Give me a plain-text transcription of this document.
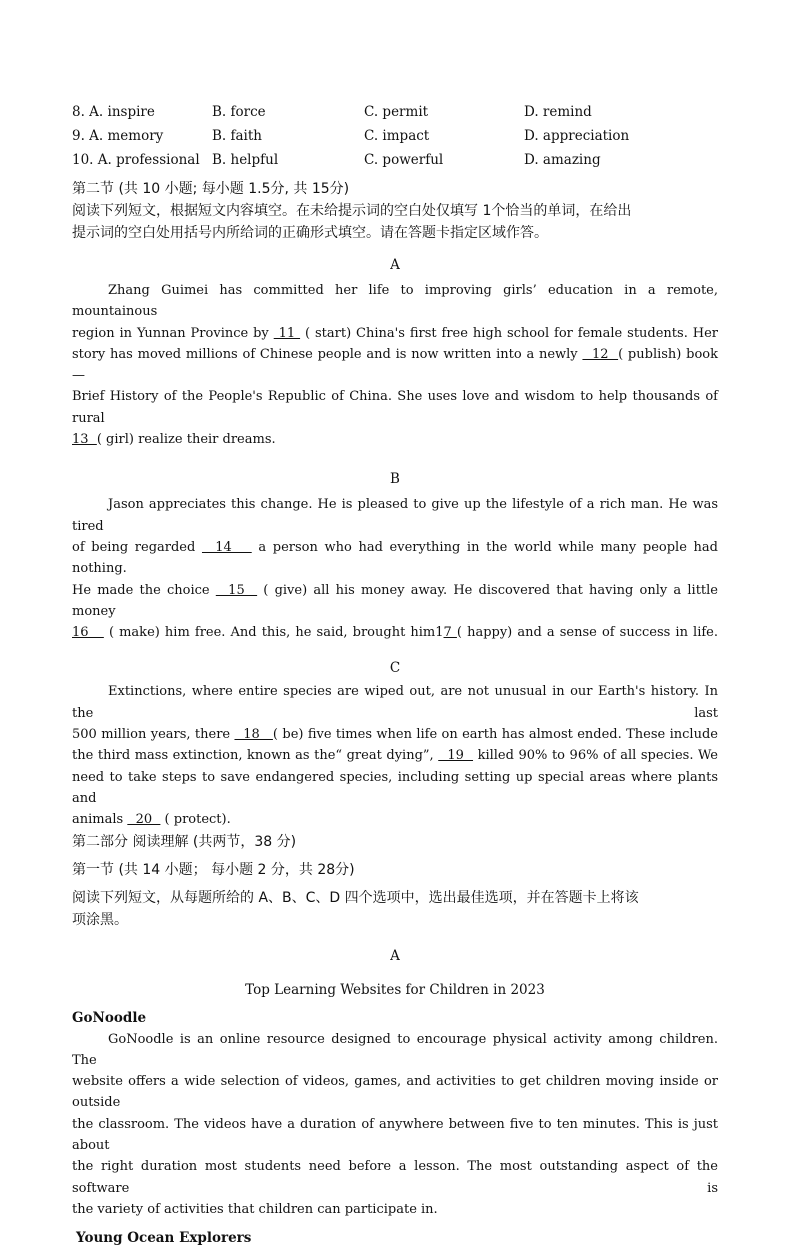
8. A. inspire	B. force	C. permit	D. remind
9. A. memory	B. faith	C. impact	D. appreciation
10. A. professional B. helpful	C. powerful	D. amazing
第二节 (共 10 小题; 每小题 1.5分, 共 15分)
阅读下列短文，根据短文内容填空。在未给提示词的空白处仅填写 1个恰当的单词，在给出
提示词的空白处用括号内所给词的正确形式填空。请在答题卡指定区域作答。
A
Zhang Guimei has committed her life to improving girls’ education in a remote, mountainous
region in Yunnan Province by  11  ( start) China's first free high school for female students. Her
story has moved millions of Chinese people and is now written into a newly   12  ( publish) book—
Brief History of the People's Republic of China. She uses love and wisdom to help thousands of rural
13  ( girl) realize their dreams.
B
Jason appreciates this change. He is pleased to give up the lifestyle of a rich man. He was tired
of being regarded   14    a person who had everything in the world while many people had nothing.
He made the choice   15   ( give) all his money away. He discovered that having only a little money
16    ( make) him free. And this, he said, brought him17 ( happy) and a sense of success in life.
C
Extinctions, where entire species are wiped out, are not unusual in our Earth's history. In the last
500 million years, there   18   ( be) five times when life on earth has almost ended. These include
the third mass extinction, known as the“ great dying”,   19   killed 90% to 96% of all species. We
need to take steps to save endangered species, including setting up special areas where plants and
animals   20   ( protect).
第二部分 阅读理解 (共两节，38 分)
第一节 (共 14 小题； 每小题 2 分，共 28分)
阅读下列短文，从每题所给的 A、B、C、D 四个选项中，选出最佳选项，并在答题卡上将该
项涂黑。
A
Top Learning Websites for Children in 2023
GoNoodle
GoNoodle is an online resource designed to encourage physical activity among children. The
website offers a wide selection of videos, games, and activities to get children moving inside or outside
the classroom. The videos have a duration of anywhere between five to ten minutes. This is just about
the right duration most students need before a lesson. The most outstanding aspect of the software is
the variety of activities that children can participate in.
Young Ocean Explorers
